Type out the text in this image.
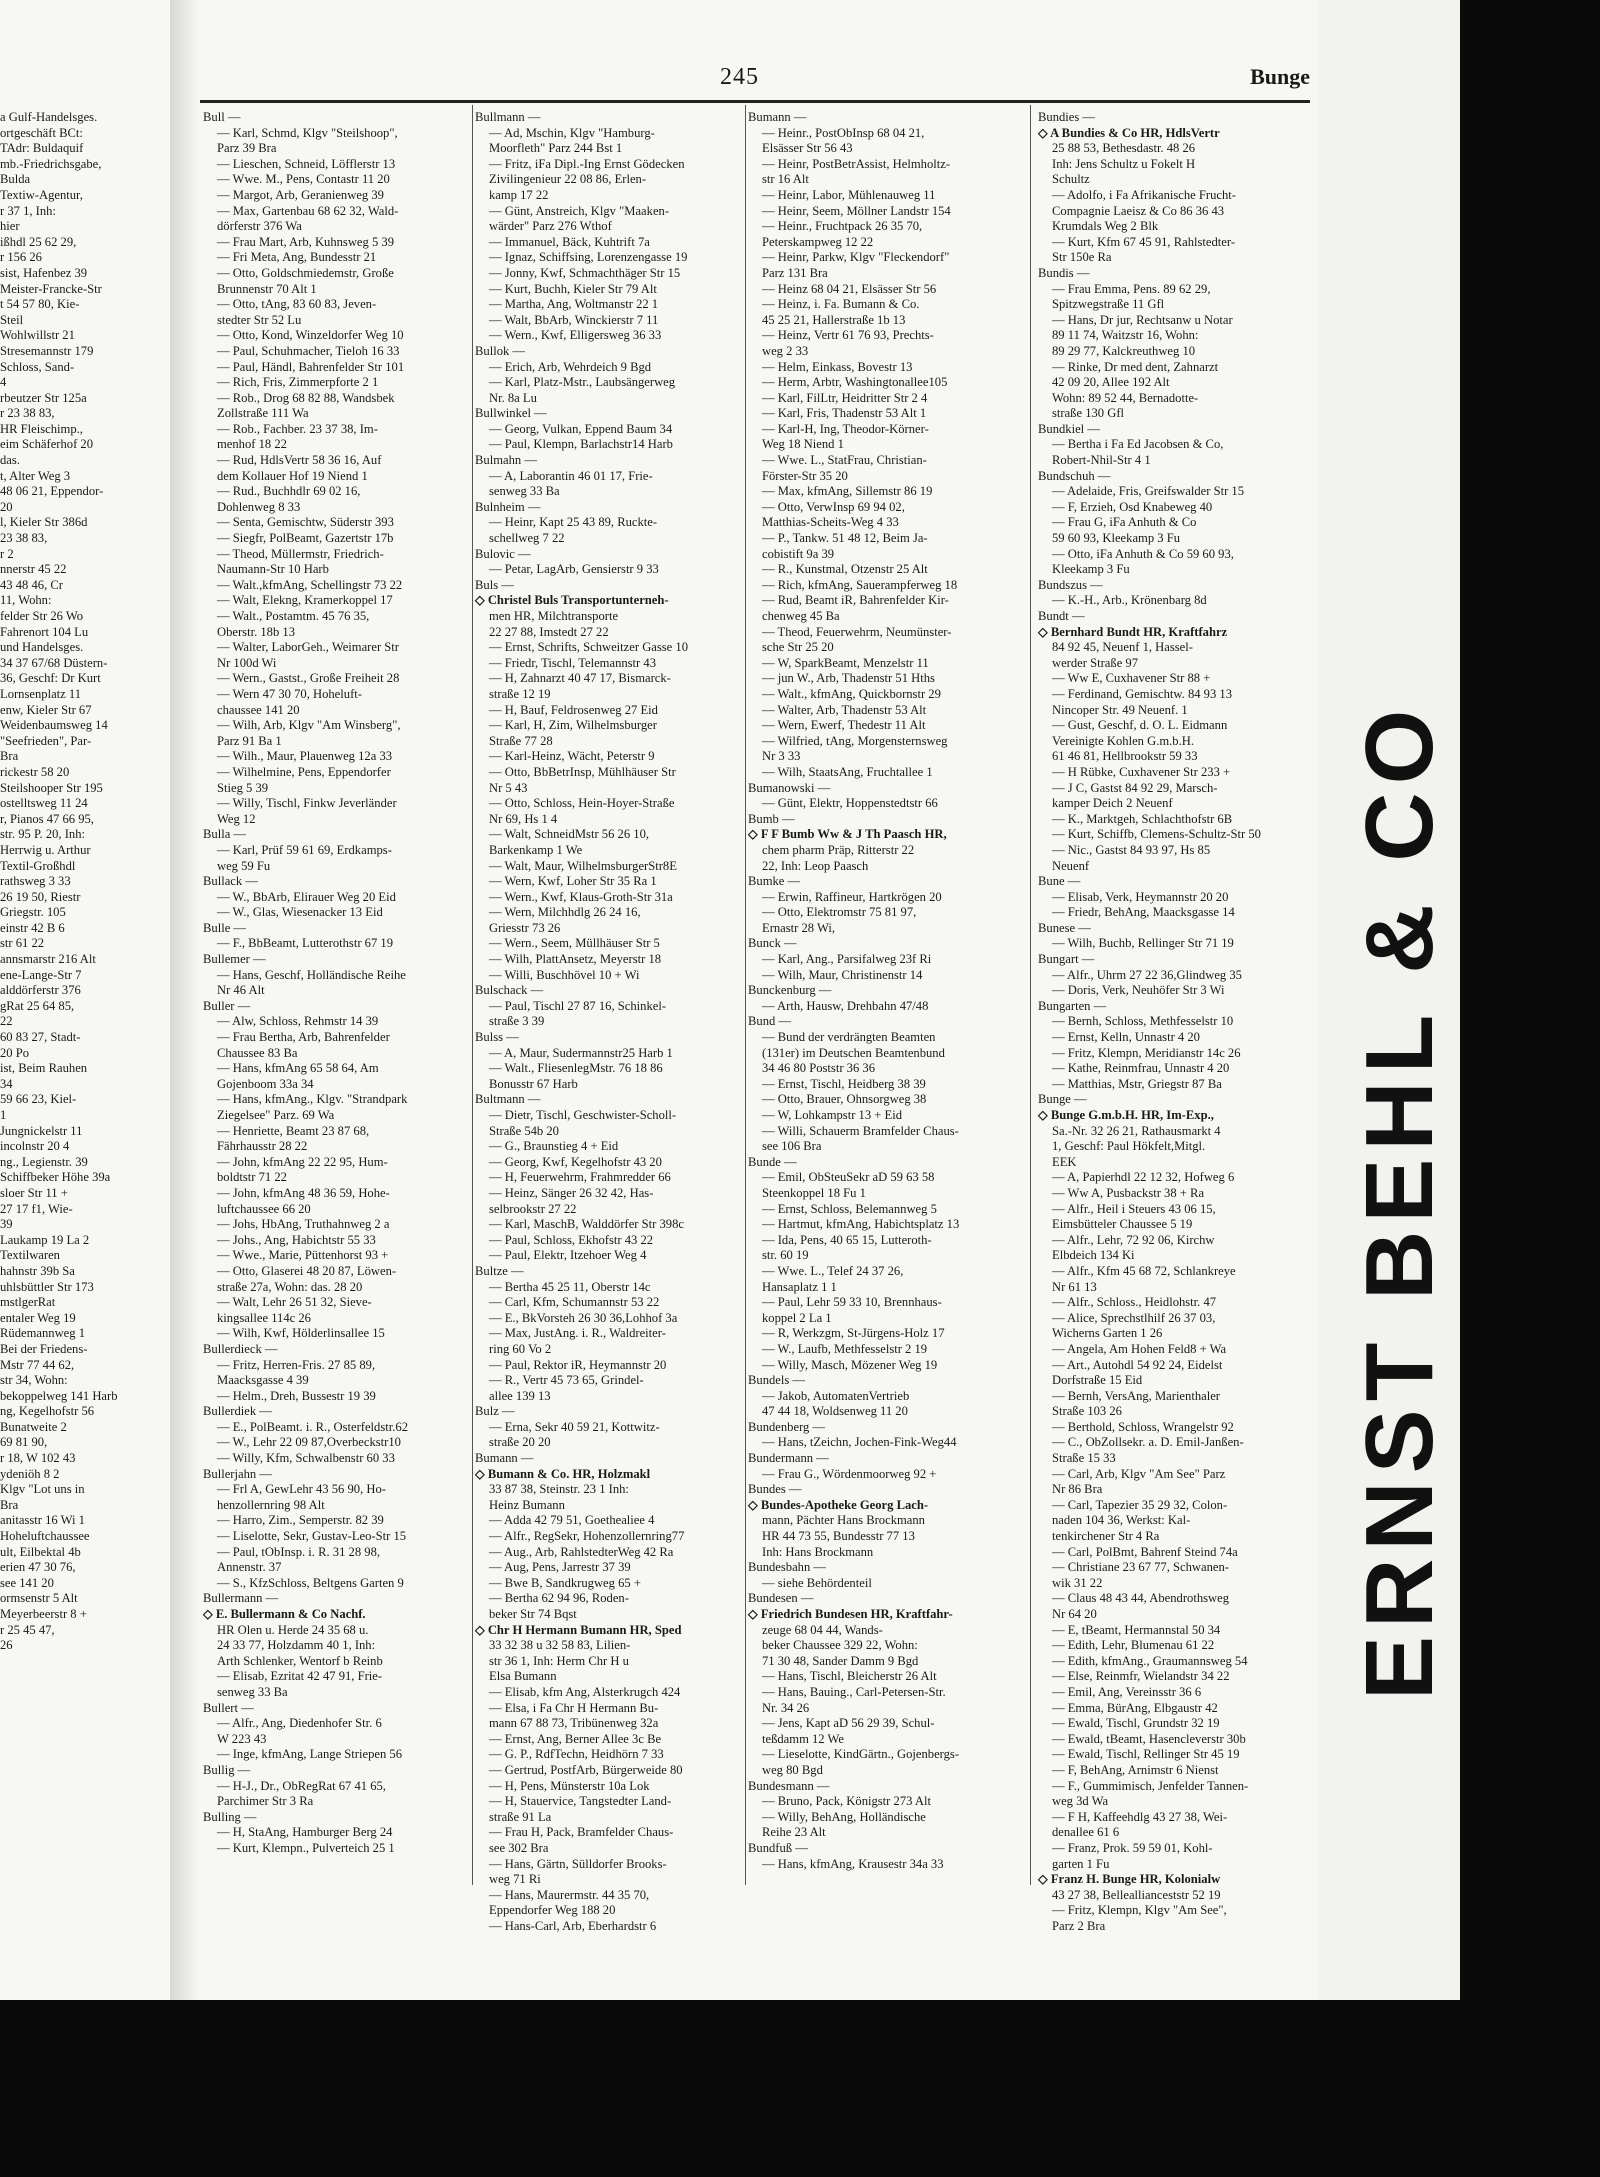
245	Bunge
a Gulf-Handelsges.
ortgeschäft BCt:
TAdr: Buldaquif
mb.-Friedrichsgabe,
Bulda
Textiw-Agentur,
r 37 1, Inh:
hier
ißhdl 25 62 29,
r 156 26
sist, Hafenbez 39
Meister-Francke-Str
t 54 57 80, Kie-
Steil
Wohlwillstr 21
Stresemannstr 179
Schloss, Sand-
4
rbeutzer Str 125a
r 23 38 83,
HR Fleischimp.,
eim Schäferhof 20
das.
t, Alter Weg 3
48 06 21, Eppendor-
20
l, Kieler Str 386d
23 38 83,
r 2
nnerstr 45 22
43 48 46, Cr
11, Wohn:
felder Str 26 Wo
Fahrenort 104 Lu
und Handelsges.
34 37 67/68 Düstern-
36, Geschf: Dr Kurt
Lornsenplatz 11
enw, Kieler Str 67
Weidenbaumsweg 14
"Seefrieden", Par-
Bra
rickestr 58 20
Steilshooper Str 195
ostelltsweg 11 24
r, Pianos 47 66 95,
str. 95 P. 20, Inh:
Herrwig u. Arthur
Textil-Großhdl
rathsweg 3 33
26 19 50, Riestr
Griegstr. 105
einstr 42 B 6
str 61 22
annsmarstr 216 Alt
ene-Lange-Str 7
alddörferstr 376
gRat 25 64 85,
22
60 83 27, Stadt-
20 Po
ist, Beim Rauhen
34
59 66 23, Kiel-
1
Jungnickelstr 11
incolnstr 20 4
ng., Legienstr. 39
Schiffbeker Höhe 39a
sloer Str 11 +
27 17 f1, Wie-
39
Laukamp 19 La 2
Textilwaren
hahnstr 39b Sa
uhlsbüttler Str 173
mstlgerRat
entaler Weg 19
Rüdemannweg 1
Bei der Friedens-
Mstr 77 44 62,
str 34, Wohn:
bekoppelweg 141 Harb
ng, Kegelhofstr 56
Bunatweite 2
69 81 90,
r 18, W 102 43
ydeniöh 8 2
Klgv "Lot uns in
Bra
anitasstr 16 Wi 1
Hoheluftchaussee
ult, Eilbektal 4b
erien 47 30 76,
see 141 20
ormsenstr 5 Alt
Meyerbeerstr 8 +
r 25 45 47,
26
Bull —
— Karl, Schmd, Klgv "Steilshoop",
Parz 39 Bra
— Lieschen, Schneid, Löfflerstr 13
— Wwe. M., Pens, Contastr 11 20
— Margot, Arb, Geranienweg 39
— Max, Gartenbau 68 62 32, Wald-
dörferstr 376 Wa
— Frau Mart, Arb, Kuhnsweg 5 39
— Fri Meta, Ang, Bundesstr 21
— Otto, Goldschmiedemstr, Große
Brunnenstr 70 Alt 1
— Otto, tAng, 83 60 83, Jeven-
stedter Str 52 Lu
— Otto, Kond, Winzeldorfer Weg 10
— Paul, Schuhmacher, Tieloh 16 33
— Paul, Händl, Bahrenfelder Str 101
— Rich, Fris, Zimmerpforte 2 1
— Rob., Drog 68 82 88, Wandsbek
Zollstraße 111 Wa
— Rob., Fachber. 23 37 38, Im-
menhof 18 22
— Rud, HdlsVertr 58 36 16, Auf
dem Kollauer Hof 19 Niend 1
— Rud., Buchhdlr 69 02 16,
Dohlenweg 8 33
— Senta, Gemischtw, Süderstr 393
— Siegfr, PolBeamt, Gazertstr 17b
— Theod, Müllermstr, Friedrich-
Naumann-Str 10 Harb
— Walt.,kfmAng, Schellingstr 73 22
— Walt, Elekng, Kramerkoppel 17
— Walt., Postamtm. 45 76 35,
Oberstr. 18b 13
— Walter, LaborGeh., Weimarer Str
Nr 100d Wi
— Wern., Gastst., Große Freiheit 28
— Wern 47 30 70, Hoheluft-
chaussee 141 20
— Wilh, Arb, Klgv "Am Winsberg",
Parz 91 Ba 1
— Wilh., Maur, Plauenweg 12a 33
— Wilhelmine, Pens, Eppendorfer
Stieg 5 39
— Willy, Tischl, Finkw Jeverländer
Weg 12
Bulla —
— Karl, Prüf 59 61 69, Erdkamps-
weg 59 Fu
Bullack —
— W., BbArb, Elirauer Weg 20 Eid
— W., Glas, Wiesenacker 13 Eid
Bulle —
— F., BbBeamt, Lutterothstr 67 19
Bullemer —
— Hans, Geschf, Holländische Reihe
Nr 46 Alt
Buller —
— Alw, Schloss, Rehmstr 14 39
— Frau Bertha, Arb, Bahrenfelder
Chaussee 83 Ba
— Hans, kfmAng 65 58 64, Am
Gojenboom 33a 34
— Hans, kfmAng., Klgv. "Strandpark
Ziegelsee" Parz. 69 Wa
— Henriette, Beamt 23 87 68,
Fährhausstr 28 22
— John, kfmAng 22 22 95, Hum-
boldtstr 71 22
— John, kfmAng 48 36 59, Hohe-
luftchaussee 66 20
— Johs, HbAng, Truthahnweg 2 a
— Johs., Ang, Habichtstr 55 33
— Wwe., Marie, Püttenhorst 93 +
— Otto, Glaserei 48 20 87, Löwen-
straße 27a, Wohn: das. 28 20
— Walt, Lehr 26 51 32, Sieve-
kingsallee 114c 26
— Wilh, Kwf, Hölderlinsallee 15
Bullerdieck —
— Fritz, Herren-Fris. 27 85 89,
Maacksgasse 4 39
— Helm., Dreh, Bussestr 19 39
Bullerdiek —
— E., PolBeamt. i. R., Osterfeldstr.62
— W., Lehr 22 09 87,Overbeckstr10
— Willy, Kfm, Schwalbenstr 60 33
Bullerjahn —
— Frl A, GewLehr 43 56 90, Ho-
henzollernring 98 Alt
— Harro, Zim., Semperstr. 82 39
— Liselotte, Sekr, Gustav-Leo-Str 15
— Paul, tObInsp. i. R. 31 28 98,
Annenstr. 37
— S., KfzSchloss, Beltgens Garten 9
Bullermann —
◇ E. Bullermann & Co Nachf.
HR Olen u. Herde 24 35 68 u.
24 33 77, Holzdamm 40 1, Inh:
Arth Schlenker, Wentorf b Reinb
— Elisab, Ezritat 42 47 91, Frie-
senweg 33 Ba
Bullert —
— Alfr., Ang, Diedenhofer Str. 6
W 223 43
— Inge, kfmAng, Lange Striepen 56
Bullig —
— H-J., Dr., ObRegRat 67 41 65,
Parchimer Str 3 Ra
Bulling —
— H, StaAng, Hamburger Berg 24
— Kurt, Klempn., Pulverteich 25 1
Bullmann —
— Ad, Mschin, Klgv "Hamburg-
Moorfleth" Parz 244 Bst 1
— Fritz, iFa Dipl.-Ing Ernst Gödecken
Zivilingenieur 22 08 86, Erlen-
kamp 17 22
— Günt, Anstreich, Klgv "Maaken-
wärder" Parz 276 Wthof
— Immanuel, Bäck, Kuhtrift 7a
— Ignaz, Schiffsing, Lorenzengasse 19
— Jonny, Kwf, Schmachthäger Str 15
— Kurt, Buchh, Kieler Str 79 Alt
— Martha, Ang, Woltmanstr 22 1
— Walt, BbArb, Winckierstr 7 11
— Wern., Kwf, Elligersweg 36 33
Bullok —
— Erich, Arb, Wehrdeich 9 Bgd
— Karl, Platz-Mstr., Laubsängerweg
Nr. 8a Lu
Bullwinkel —
— Georg, Vulkan, Eppend Baum 34
— Paul, Klempn, Barlachstr14 Harb
Bulmahn —
— A, Laborantin 46 01 17, Frie-
senweg 33 Ba
Bulnheim —
— Heinr, Kapt 25 43 89, Ruckte-
schellweg 7 22
Bulovic —
— Petar, LagArb, Gensierstr 9 33
Buls —
◇ Christel Buls Transportunterneh-
men HR, Milchtransporte
22 27 88, Imstedt 27 22
— Ernst, Schrifts, Schweitzer Gasse 10
— Friedr, Tischl, Telemannstr 43
— H, Zahnarzt 40 47 17, Bismarck-
straße 12 19
— H, Bauf, Feldrosenweg 27 Eid
— Karl, H, Zim, Wilhelmsburger
Straße 77 28
— Karl-Heinz, Wächt, Peterstr 9
— Otto, BbBetrInsp, Mühlhäuser Str
Nr 5 43
— Otto, Schloss, Hein-Hoyer-Straße
Nr 69, Hs 1 4
— Walt, SchneidMstr 56 26 10,
Barkenkamp 1 We
— Walt, Maur, WilhelmsburgerStr8E
— Wern, Kwf, Loher Str 35 Ra 1
— Wern., Kwf, Klaus-Groth-Str 31a
— Wern, Milchhdlg 26 24 16,
Griesstr 73 26
— Wern., Seem, Müllhäuser Str 5
— Wilh, PlattAnsetz, Meyerstr 18
— Willi, Buschhövel 10 + Wi
Bulschack —
— Paul, Tischl 27 87 16, Schinkel-
straße 3 39
Bulss —
— A, Maur, Sudermannstr25 Harb 1
— Walt., FliesenlegMstr. 76 18 86
Bonusstr 67 Harb
Bultmann —
— Dietr, Tischl, Geschwister-Scholl-
Straße 54b 20
— G., Braunstieg 4 + Eid
— Georg, Kwf, Kegelhofstr 43 20
— H, Feuerwehrm, Frahmredder 66
— Heinz, Sänger 26 32 42, Has-
selbrookstr 27 22
— Karl, MaschB, Walddörfer Str 398c
— Paul, Schloss, Ekhofstr 43 22
— Paul, Elektr, Itzehoer Weg 4
Bultze —
— Bertha 45 25 11, Oberstr 14c
— Carl, Kfm, Schumannstr 53 22
— E., BkVorsteh 26 30 36,Lohhof 3a
— Max, JustAng. i. R., Waldreiter-
ring 60 Vo 2
— Paul, Rektor iR, Heymannstr 20
— R., Vertr 45 73 65, Grindel-
allee 139 13
Bulz —
— Erna, Sekr 40 59 21, Kottwitz-
straße 20 20
Bumann —
◇ Bumann & Co. HR, Holzmakl
33 87 38, Steinstr. 23 1 Inh:
Heinz Bumann
— Adda 42 79 51, Goethealiee 4
— Alfr., RegSekr, Hohenzollernring77
— Aug., Arb, RahlstedterWeg 42 Ra
— Aug, Pens, Jarrestr 37 39
— Bwe B, Sandkrugweg 65 +
— Bertha 62 94 96, Roden-
beker Str 74 Bqst
◇ Chr H Hermann Bumann HR, Sped
33 32 38 u 32 58 83, Lilien-
str 36 1, Inh: Herm Chr H u
Elsa Bumann
— Elisab, kfm Ang, Alsterkrugch 424
— Elsa, i Fa Chr H Hermann Bu-
mann 67 88 73, Tribünenweg 32a
— Ernst, Ang, Berner Allee 3c Be
— G. P., RdfTechn, Heidhörn 7 33
— Gertrud, PostfArb, Bürgerweide 80
— H, Pens, Münsterstr 10a Lok
— H, Stauervice, Tangstedter Land-
straße 91 La
— Frau H, Pack, Bramfelder Chaus-
see 302 Bra
— Hans, Gärtn, Sülldorfer Brooks-
weg 71 Ri
— Hans, Maurermstr. 44 35 70,
Eppendorfer Weg 188 20
— Hans-Carl, Arb, Eberhardstr 6
Bumann —
— Heinr., PostObInsp 68 04 21,
Elsässer Str 56 43
— Heinr, PostBetrAssist, Helmholtz-
str 16 Alt
— Heinr, Labor, Mühlenauweg 11
— Heinr, Seem, Möllner Landstr 154
— Heinr., Fruchtpack 26 35 70,
Peterskampweg 12 22
— Heinr, Parkw, Klgv "Fleckendorf"
Parz 131 Bra
— Heinz 68 04 21, Elsässer Str 56
— Heinz, i. Fa. Bumann & Co.
45 25 21, Hallerstraße 1b 13
— Heinz, Vertr 61 76 93, Prechts-
weg 2 33
— Helm, Einkass, Bovestr 13
— Herm, Arbtr, Washingtonallee105
— Karl, FilLtr, Heidritter Str 2 4
— Karl, Fris, Thadenstr 53 Alt 1
— Karl-H, Ing, Theodor-Körner-
Weg 18 Niend 1
— Wwe. L., StatFrau, Christian-
Förster-Str 35 20
— Max, kfmAng, Sillemstr 86 19
— Otto, VerwInsp 69 94 02,
Matthias-Scheits-Weg 4 33
— P., Tankw. 51 48 12, Beim Ja-
cobistift 9a 39
— R., Kunstmal, Otzenstr 25 Alt
— Rich, kfmAng, Sauerampferweg 18
— Rud, Beamt iR, Bahrenfelder Kir-
chenweg 45 Ba
— Theod, Feuerwehrm, Neumünster-
sche Str 25 20
— W, SparkBeamt, Menzelstr 11
— jun W., Arb, Thadenstr 51 Hths
— Walt., kfmAng, Quickbornstr 29
— Walter, Arb, Thadenstr 53 Alt
— Wern, Ewerf, Thedestr 11 Alt
— Wilfried, tAng, Morgensternsweg
Nr 3 33
— Wilh, StaatsAng, Fruchtallee 1
Bumanowski —
— Günt, Elektr, Hoppenstedtstr 66
Bumb —
◇ F F Bumb Ww & J Th Paasch HR,
chem pharm Präp, Ritterstr 22
22, Inh: Leop Paasch
Bumke —
— Erwin, Raffineur, Hartkrögen 20
— Otto, Elektromstr 75 81 97,
Ernastr 28 Wi,
Bunck —
— Karl, Ang., Parsifalweg 23f Ri
— Wilh, Maur, Christinenstr 14
Bunckenburg —
— Arth, Hausw, Drehbahn 47/48
Bund —
— Bund der verdrängten Beamten
(131er) im Deutschen Beamtenbund
34 46 80 Poststr 36 36
— Ernst, Tischl, Heidberg 38 39
— Otto, Brauer, Ohnsorgweg 38
— W, Lohkampstr 13 + Eid
— Willi, Schauerm Bramfelder Chaus-
see 106 Bra
Bunde —
— Emil, ObSteuSekr aD 59 63 58
Steenkoppel 18 Fu 1
— Ernst, Schloss, Belemannweg 5
— Hartmut, kfmAng, Habichtsplatz 13
— Ida, Pens, 40 65 15, Lutteroth-
str. 60 19
— Wwe. L., Telef 24 37 26,
Hansaplatz 1 1
— Paul, Lehr 59 33 10, Brennhaus-
koppel 2 La 1
— R, Werkzgm, St-Jürgens-Holz 17
— W., Laufb, Methfesselstr 2 19
— Willy, Masch, Mözener Weg 19
Bundels —
— Jakob, AutomatenVertrieb
47 44 18, Woldsenweg 11 20
Bundenberg —
— Hans, tZeichn, Jochen-Fink-Weg44
Bundermann —
— Frau G., Wördenmoorweg 92 +
Bundes —
◇ Bundes-Apotheke Georg Lach-
mann, Pächter Hans Brockmann
HR 44 73 55, Bundesstr 77 13
Inh: Hans Brockmann
Bundesbahn —
— siehe Behördenteil
Bundesen —
◇ Friedrich Bundesen HR, Kraftfahr-
zeuge 68 04 44, Wands-
beker Chaussee 329 22, Wohn:
71 30 48, Sander Damm 9 Bgd
— Hans, Tischl, Bleicherstr 26 Alt
— Hans, Bauing., Carl-Petersen-Str.
Nr. 34 26
— Jens, Kapt aD 56 29 39, Schul-
teßdamm 12 We
— Lieselotte, KindGärtn., Gojenbergs-
weg 80 Bgd
Bundesmann —
— Bruno, Pack, Königstr 273 Alt
— Willy, BehAng, Holländische
Reihe 23 Alt
Bundfuß —
— Hans, kfmAng, Krausestr 34a 33
Bundies —
◇ A Bundies & Co HR, HdlsVertr
25 88 53, Bethesdastr. 48 26
Inh: Jens Schultz u Fokelt H
Schultz
— Adolfo, i Fa Afrikanische Frucht-
Compagnie Laeisz & Co 86 36 43
Krumdals Weg 2 Blk
— Kurt, Kfm 67 45 91, Rahlstedter-
Str 150e Ra
Bundis —
— Frau Emma, Pens. 89 62 29,
Spitzwegstraße 11 Gfl
— Hans, Dr jur, Rechtsanw u Notar
89 11 74, Waitzstr 16, Wohn:
89 29 77, Kalckreuthweg 10
— Rinke, Dr med dent, Zahnarzt
42 09 20, Allee 192 Alt
Wohn: 89 52 44, Bernadotte-
straße 130 Gfl
Bundkiel —
— Bertha i Fa Ed Jacobsen & Co,
Robert-Nhil-Str 4 1
Bundschuh —
— Adelaide, Fris, Greifswalder Str 15
— F, Erzieh, Osd Knabeweg 40
— Frau G, iFa Anhuth & Co
59 60 93, Kleekamp 3 Fu
— Otto, iFa Anhuth & Co 59 60 93,
Kleekamp 3 Fu
Bundszus —
— K.-H., Arb., Krönenbarg 8d
Bundt —
◇ Bernhard Bundt HR, Kraftfahrz
84 92 45, Neuenf 1, Hassel-
werder Straße 97
— Ww E, Cuxhavener Str 88 +
— Ferdinand, Gemischtw. 84 93 13
Nincoper Str. 49 Neuenf. 1
— Gust, Geschf, d. O. L. Eidmann
Vereinigte Kohlen G.m.b.H.
61 46 81, Hellbrookstr 59 33
— H Rübke, Cuxhavener Str 233 +
— J C, Gastst 84 92 29, Marsch-
kamper Deich 2 Neuenf
— K., Marktgeh, Schlachthofstr 6B
— Kurt, Schiffb, Clemens-Schultz-Str 50
— Nic., Gastst 84 93 97, Hs 85
Neuenf
Bune —
— Elisab, Verk, Heymannstr 20 20
— Friedr, BehAng, Maacksgasse 14
Bunese —
— Wilh, Buchb, Rellinger Str 71 19
Bungart —
— Alfr., Uhrm 27 22 36,Glindweg 35
— Doris, Verk, Neuhöfer Str 3 Wi
Bungarten —
— Bernh, Schloss, Methfesselstr 10
— Ernst, Kelln, Unnastr 4 20
— Fritz, Klempn, Meridianstr 14c 26
— Kathe, Reinmfrau, Unnastr 4 20
— Matthias, Mstr, Griegstr 87 Ba
Bunge —
◇ Bunge G.m.b.H. HR, Im-Exp.,
Sa.-Nr. 32 26 21, Rathausmarkt 4
1, Geschf: Paul Hökfelt,Mitgl.
EEK
— A, Papierhdl 22 12 32, Hofweg 6
— Ww A, Pusbackstr 38 + Ra
— Alfr., Heil i Steuers 43 06 15,
Eimsbütteler Chaussee 5 19
— Alfr., Lehr, 72 92 06, Kirchw
Elbdeich 134 Ki
— Alfr., Kfm 45 68 72, Schlankreye
Nr 61 13
— Alfr., Schloss., Heidlohstr. 47
— Alice, Sprechstlhilf 26 37 03,
Wicherns Garten 1 26
— Angela, Am Hohen Feld8 + Wa
— Art., Autohdl 54 92 24, Eidelst
Dorfstraße 15 Eid
— Bernh, VersAng, Marienthaler
Straße 103 26
— Berthold, Schloss, Wrangelstr 92
— C., ObZollsekr. a. D. Emil-Janßen-
Straße 15 33
— Carl, Arb, Klgv "Am See" Parz
Nr 86 Bra
— Carl, Tapezier 35 29 32, Colon-
naden 104 36, Werkst: Kal-
tenkirchener Str 4 Ra
— Carl, PolBmt, Bahrenf Steind 74a
— Christiane 23 67 77, Schwanen-
wik 31 22
— Claus 48 43 44, Abendrothsweg
Nr 64 20
— E, tBeamt, Hermannstal 50 34
— Edith, Lehr, Blumenau 61 22
— Edith, kfmAng., Graumannsweg 54
— Else, Reinmfr, Wielandstr 34 22
— Emil, Ang, Vereinsstr 36 6
— Emma, BürAng, Elbgaustr 42
— Ewald, Tischl, Grundstr 32 19
— Ewald, tBeamt, Hasencleverstr 30b
— Ewald, Tischl, Rellinger Str 45 19
— F, BehAng, Arnimstr 6 Nienst
— F., Gummimisch, Jenfelder Tannen-
weg 3d Wa
— F H, Kaffeehdlg 43 27 38, Wei-
denallee 61 6
— Franz, Prok. 59 59 01, Kohl-
garten 1 Fu
◇ Franz H. Bunge HR, Kolonialw
43 27 38, Belleallianceststr 52 19
— Fritz, Klempn, Klgv "Am See",
Parz 2 Bra
ERNST BEHL & CO
